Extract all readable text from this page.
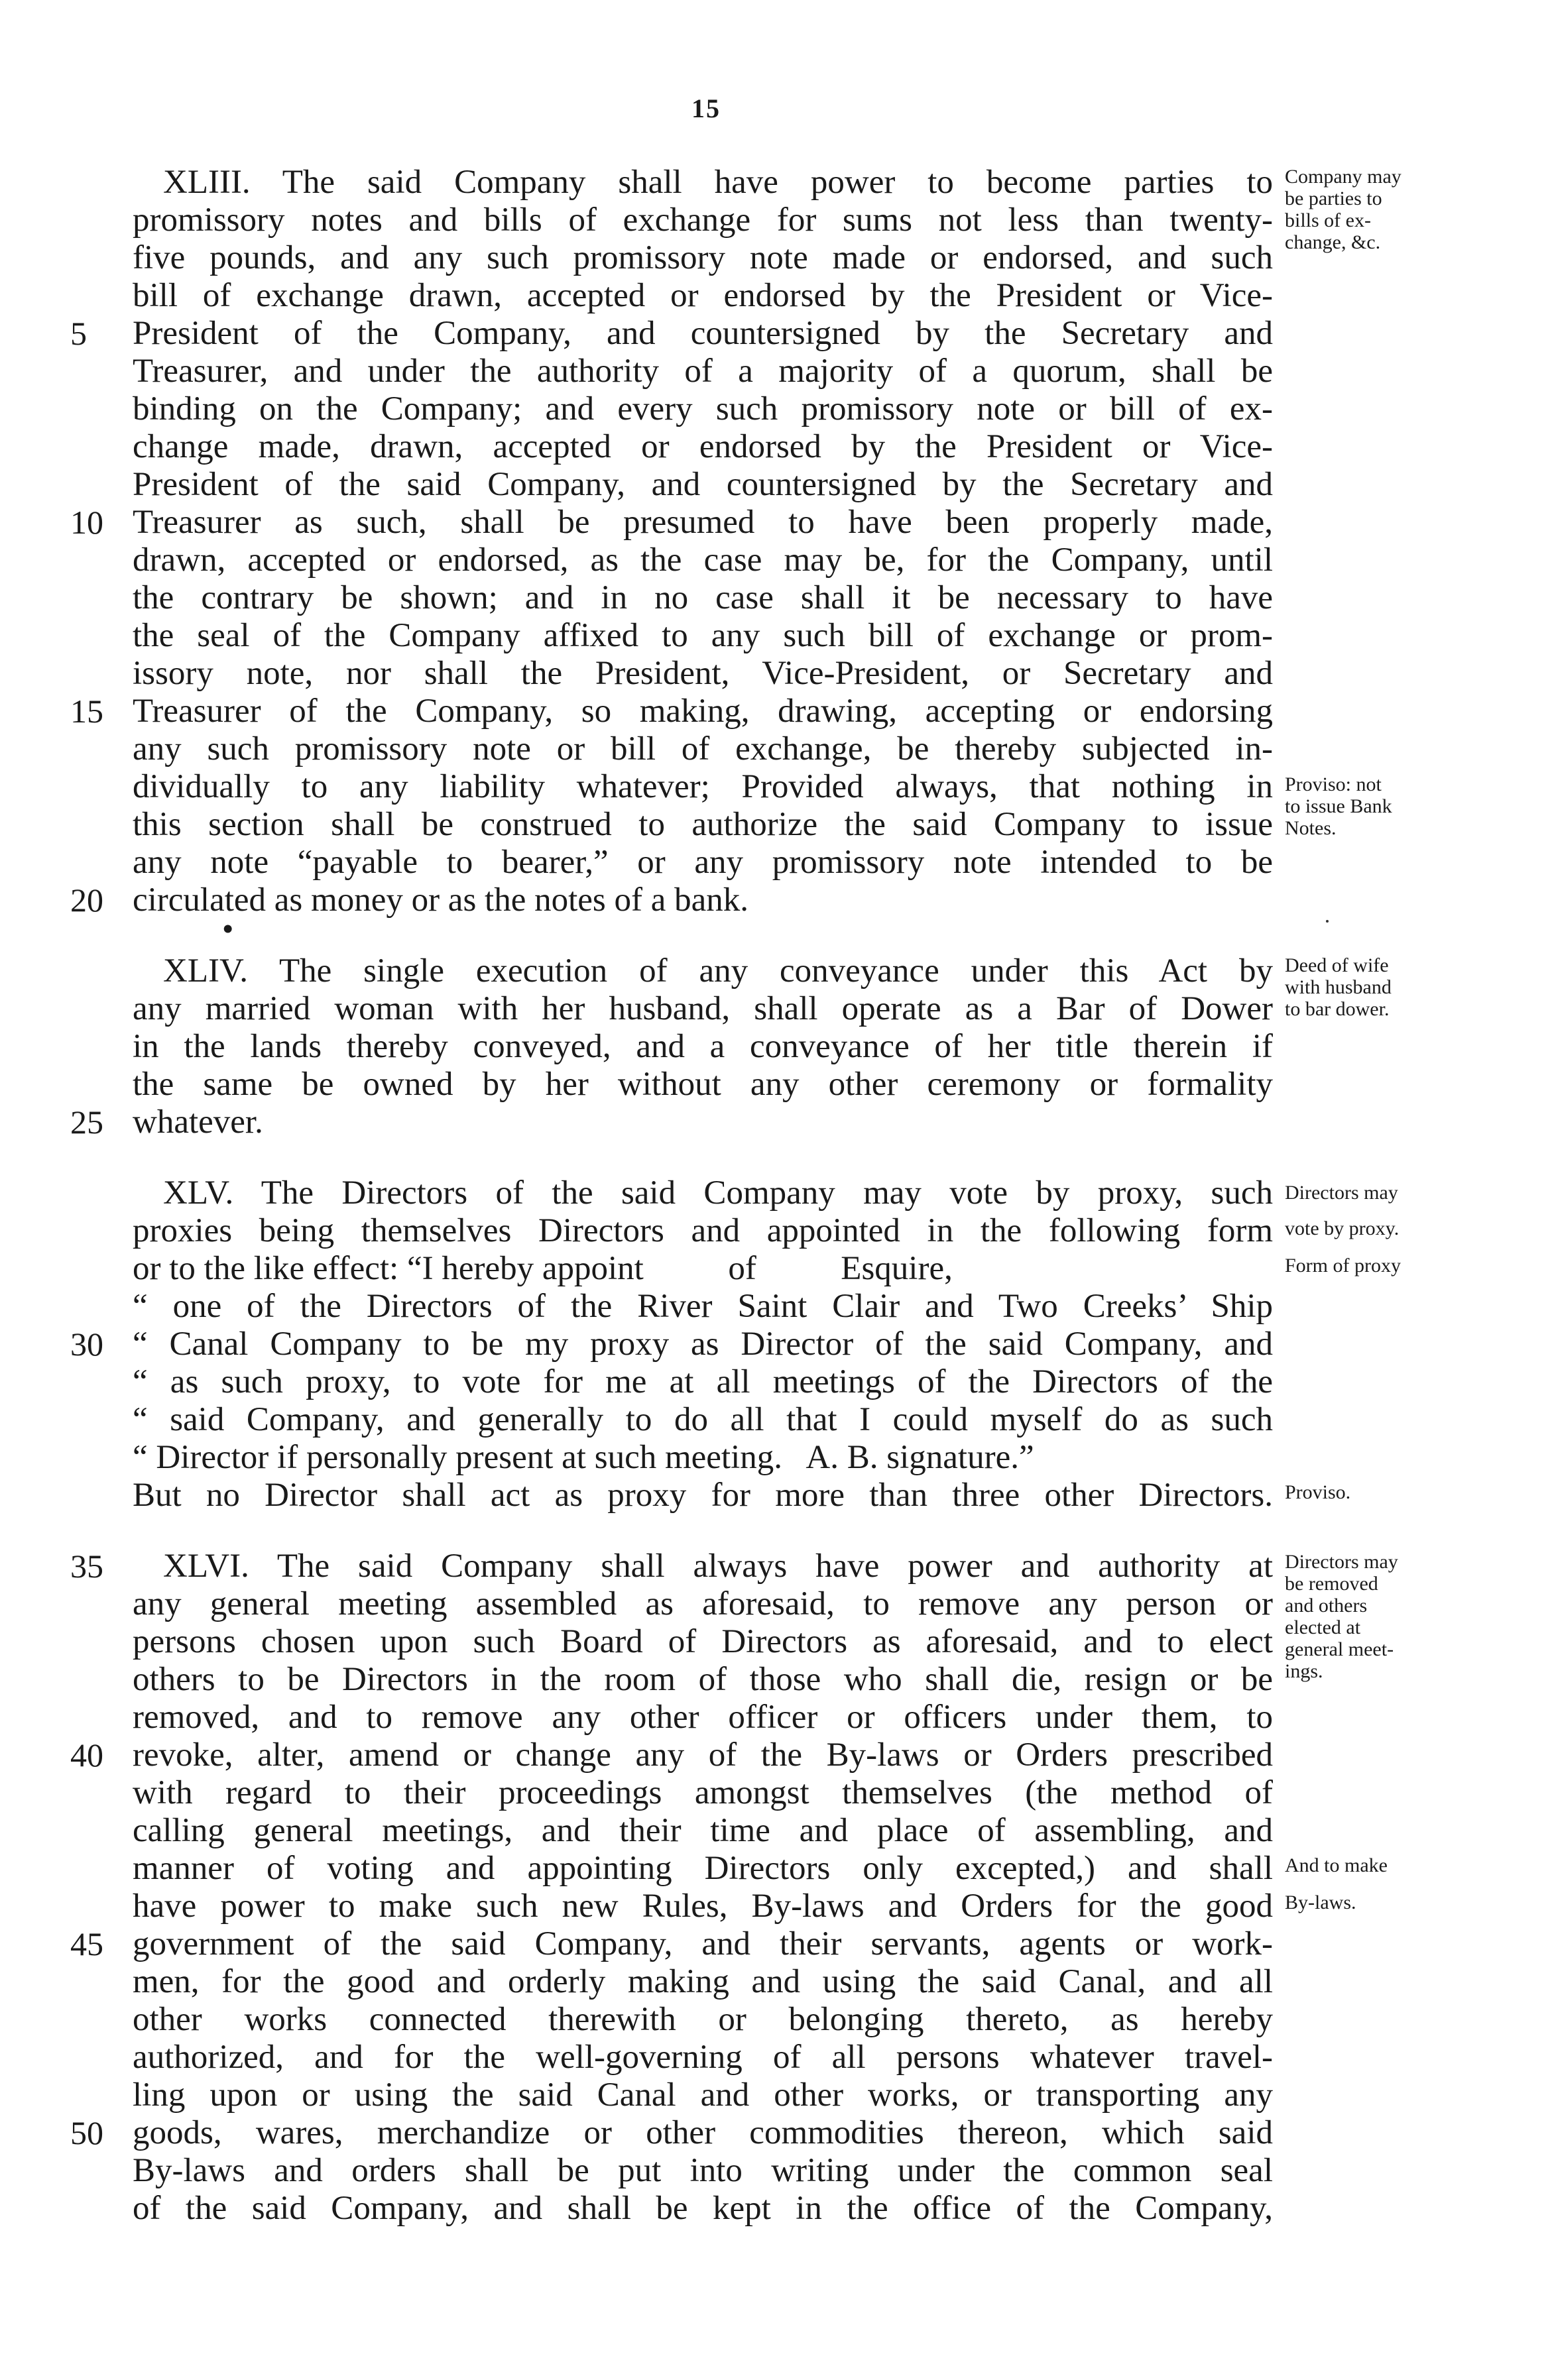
15
XLIII. The said Company shall have power to become parties to
promissory notes and bills of exchange for sums not less than twenty-
five pounds, and any such promissory note made or endorsed, and such
bill of exchange drawn, accepted or endorsed by the President or Vice-
President of the Company, and countersigned by the Secretary and
Treasurer, and under the authority of a majority of a quorum, shall be
binding on the Company; and every such promissory note or bill of ex-
change made, drawn, accepted or endorsed by the President or Vice-
President of the said Company, and countersigned by the Secretary and
Treasurer as such, shall be presumed to have been properly made,
drawn, accepted or endorsed, as the case may be, for the Company, until
the contrary be shown; and in no case shall it be necessary to have
the seal of the Company affixed to any such bill of exchange or prom-
issory note, nor shall the President, Vice-President, or Secretary and
Treasurer of the Company, so making, drawing, accepting or endorsing
any such promissory note or bill of exchange, be thereby subjected in-
dividually to any liability whatever; Provided always, that nothing in
this section shall be construed to authorize the said Company to issue
any note “payable to bearer,” or any promissory note intended to be
circulated as money or as the notes of a bank.
XLIV. The single execution of any conveyance under this Act by
any married woman with her husband, shall operate as a Bar of Dower
in the lands thereby conveyed, and a conveyance of her title therein if
the same be owned by her without any other ceremony or formality
whatever.
XLV. The Directors of the said Company may vote by proxy, such
proxies being themselves Directors and appointed in the following form
or to the like effect: “I hereby appoint          of          Esquire,
“ one of the Directors of the River Saint Clair and Two Creeks’ Ship
“ Canal Company to be my proxy as Director of the said Company, and
“ as such proxy, to vote for me at all meetings of the Directors of the
“ said Company, and generally to do all that I could myself do as such
“ Director if personally present at such meeting.   A. B. signature.”
But no Director shall act as proxy for more than three other Directors.
XLVI. The said Company shall always have power and authority at
any general meeting assembled as aforesaid, to remove any person or
persons chosen upon such Board of Directors as aforesaid, and to elect
others to be Directors in the room of those who shall die, resign or be
removed, and to remove any other officer or officers under them, to
revoke, alter, amend or change any of the By-laws or Orders prescribed
with regard to their proceedings amongst themselves (the method of
calling general meetings, and their time and place of assembling, and
manner of voting and appointing Directors only excepted,) and shall
have power to make such new Rules, By-laws and Orders for the good
government of the said Company, and their servants, agents or work-
men, for the good and orderly making and using the said Canal, and all
other works connected therewith or belonging thereto, as hereby
authorized, and for the well-governing of all persons whatever travel-
ling upon or using the said Canal and other works, or transporting any
goods, wares, merchandize or other commodities thereon, which said
By-laws and orders shall be put into writing under the common seal
of the said Company, and shall be kept in the office of the Company,
5
10
15
20
25
30
35
40
45
50
Company may
be parties to
bills of ex-
change, &c.
Proviso: not
to issue Bank
Notes.
Deed of wife
with husband
to bar dower.
Directors may
vote by proxy.
Form of proxy
Proviso.
Directors may
be removed
and others
elected at
general meet-
ings.
And to make
By-laws.
•
